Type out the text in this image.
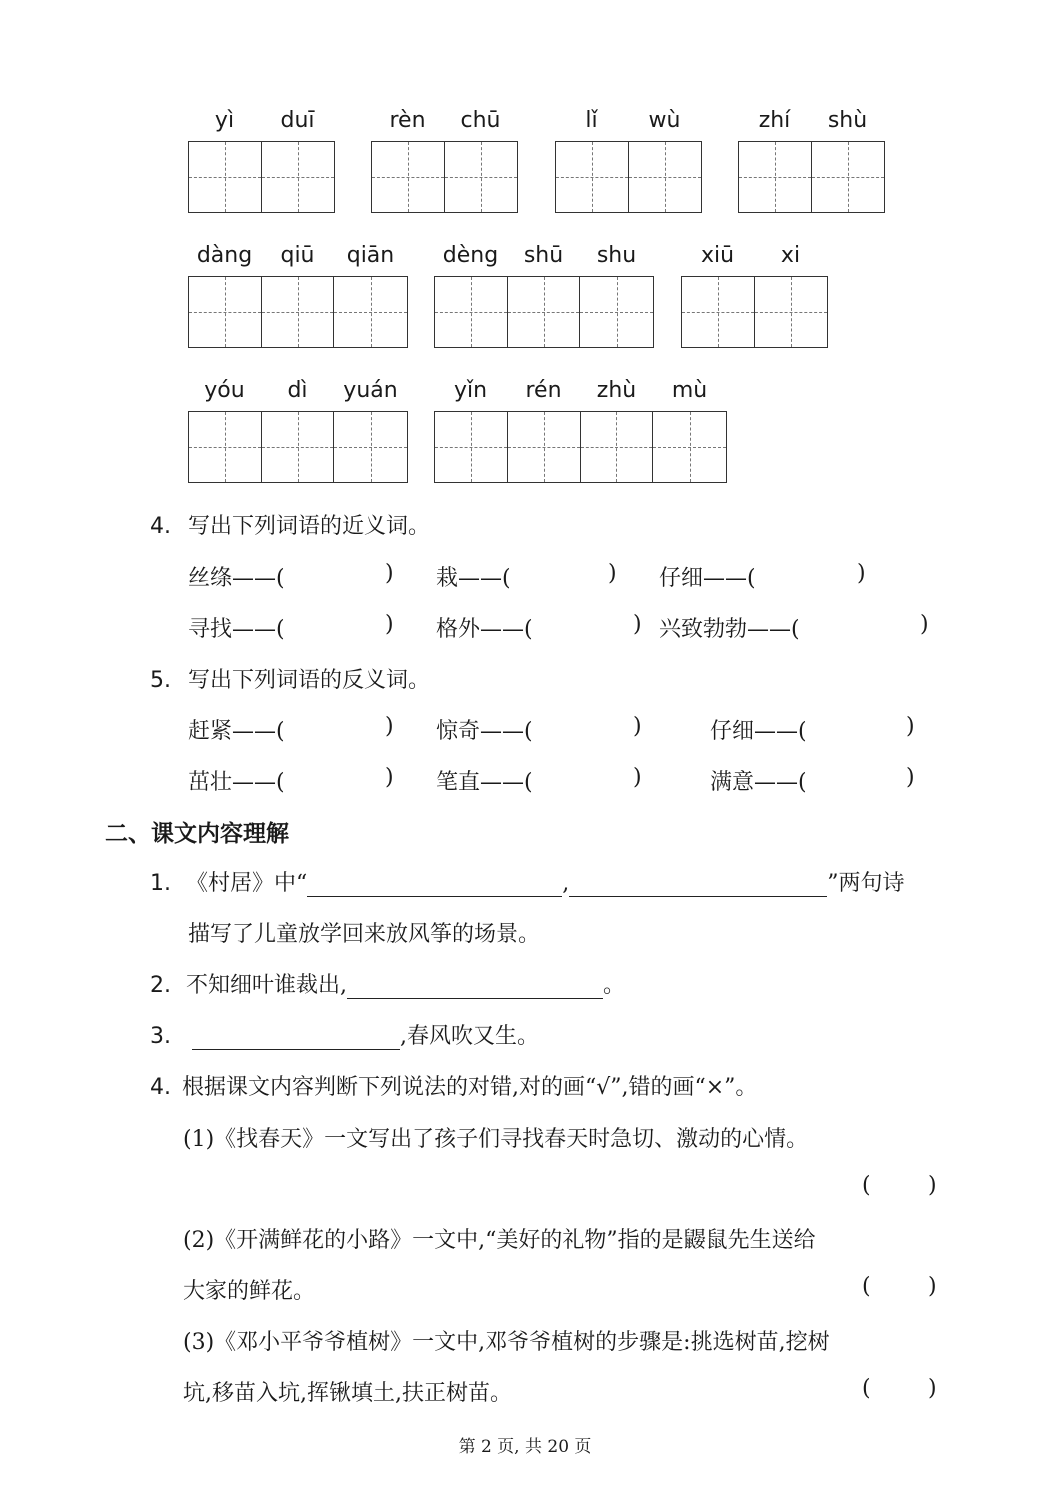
yì	duī	rèn	chū	lǐ	wù	zhí	shù
dàng	qiū	qiān	dèng	shū	shu	xiū	xi
yóu	dì	yuán	yǐn	rén	zhù	mù
4. 写出下列词语的近义词。
丝绦——(	) 栽——(	) 仔细——(	)
寻找——(	) 格外——(	) 兴致勃勃——(	)
5. 写出下列词语的反义词。
赶紧——(	) 惊奇——(	)	仔细——(	)
茁壮——(	) 笔直——(	)	满意——(	)
二、课文内容理解
1. 《村居》中“	,	”两句诗
描写了儿童放学回来放风筝的场景。
2. 不知细叶谁裁出,	。
3.	,春风吹又生。
4. 根据课文内容判断下列说法的对错,对的画“√”,错的画“×”。
(1)《找春天》一文写出了孩子们寻找春天时急切、激动的心情。
(	)
(2)《开满鲜花的小路》一文中,“美好的礼物”指的是鼹鼠先生送给
大家的鲜花。	(	)
(3)《邓小平爷爷植树》一文中,邓爷爷植树的步骤是:挑选树苗,挖树
坑,移苗入坑,挥锹填土,扶正树苗。	(	)
第 2 页, 共 20 页
